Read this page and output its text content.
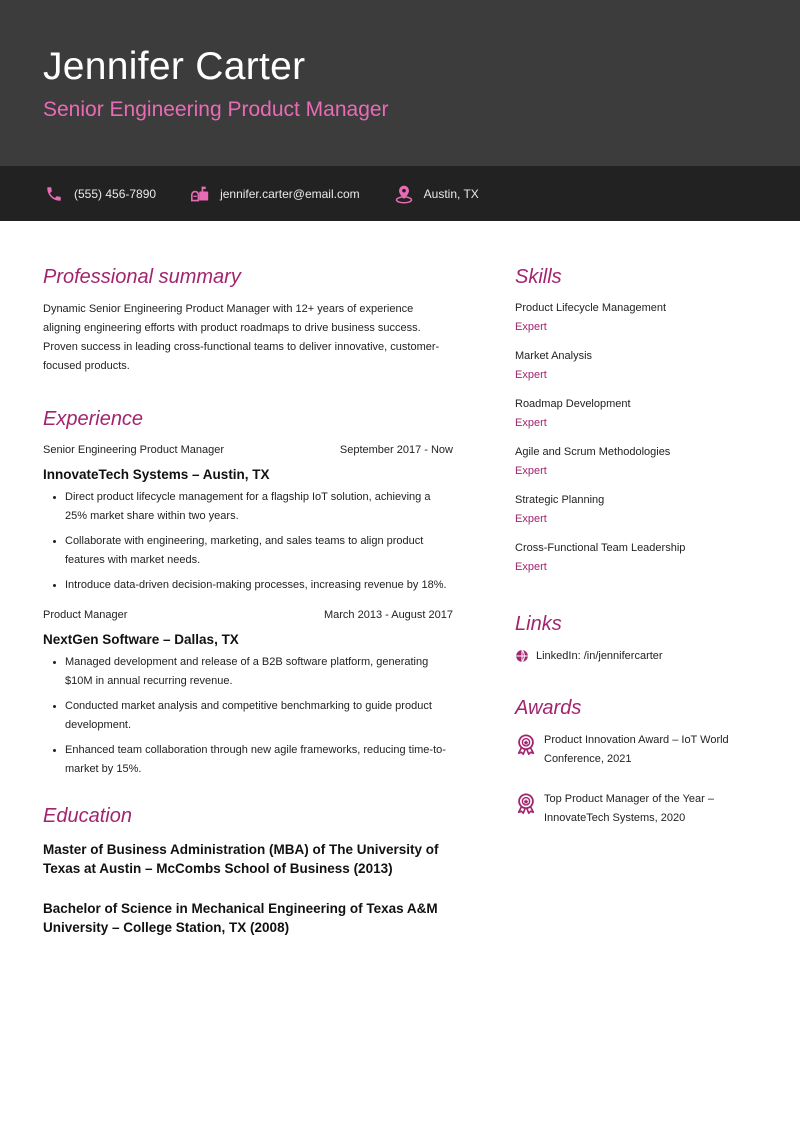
Jennifer Carter
Senior Engineering Product Manager
(555) 456-7890	jennifer.carter@email.com	Austin, TX
Professional summary

Dynamic Senior Engineering Product Manager with 12+ years of experience aligning engineering efforts with product roadmaps to drive business success. Proven success in leading cross-functional teams to deliver innovative, customer-focused products.

Experience
Senior Engineering Product Manager	September 2017 - Now
InnovateTech Systems – Austin, TX
Direct product lifecycle management for a flagship IoT solution, achieving a 25% market share within two years.
Collaborate with engineering, marketing, and sales teams to align product features with market needs.
Introduce data-driven decision-making processes, increasing revenue by 18%.
Product Manager	March 2013 - August 2017
NextGen Software – Dallas, TX
Managed development and release of a B2B software platform, generating $10M in annual recurring revenue.
Conducted market analysis and competitive benchmarking to guide product development.
Enhanced team collaboration through new agile frameworks, reducing time-to-market by 15%.
Education
Master of Business Administration (MBA) of The University of Texas at Austin – McCombs School of Business (2013)
Bachelor of Science in Mechanical Engineering of Texas A&M University – College Station, TX (2008)
Skills
Product Lifecycle Management
Expert
Market Analysis
Expert
Roadmap Development
Expert
Agile and Scrum Methodologies
Expert
Strategic Planning
Expert
Cross-Functional Team Leadership
Expert
Links
LinkedIn: /in/jennifercarter
Awards
Product Innovation Award – IoT World Conference, 2021
Top Product Manager of the Year – InnovateTech Systems, 2020
